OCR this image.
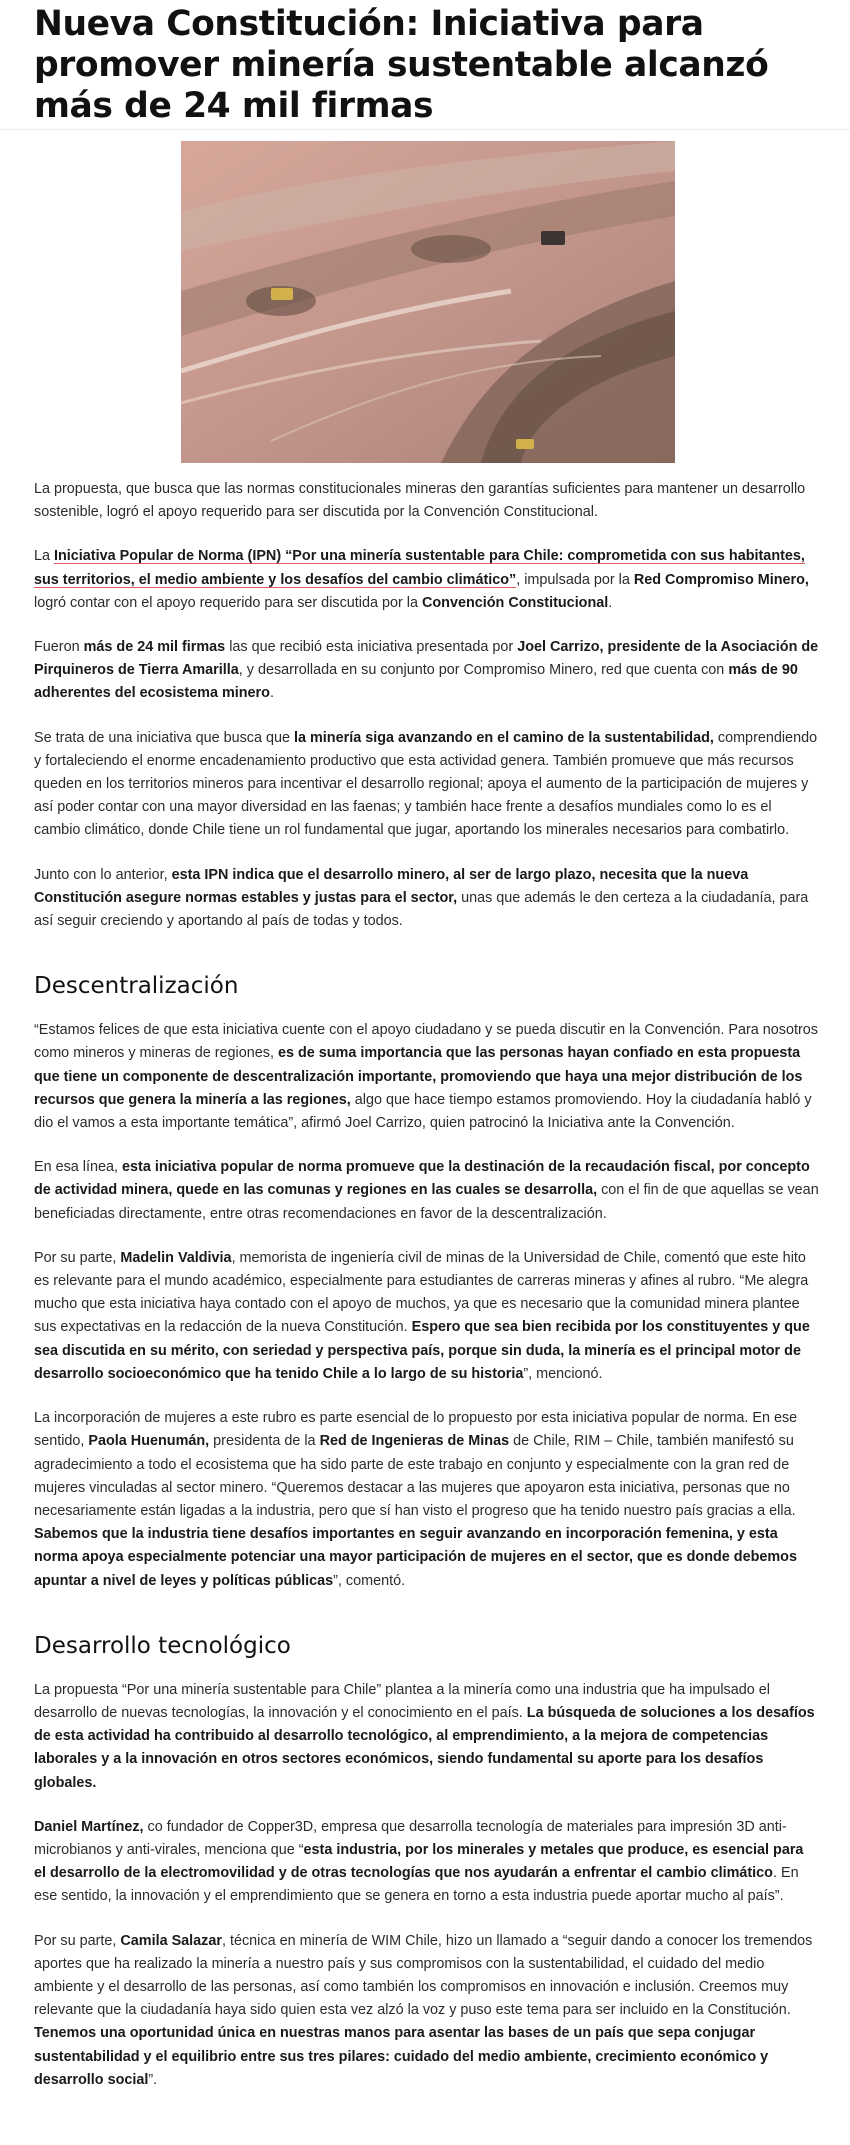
Nueva Constitución: Iniciativa para promover minería sustentable alcanzó más de 24 mil firmas

La propuesta, que busca que las normas constitucionales mineras den garantías suficientes para mantener un desarrollo sostenible, logró el apoyo requerido para ser discutida por la Convención Constitucional.

La Iniciativa Popular de Norma (IPN) “Por una minería sustentable para Chile: comprometida con sus habitantes, sus territorios, el medio ambiente y los desafíos del cambio climático”, impulsada por la Red Compromiso Minero, logró contar con el apoyo requerido para ser discutida por la Convención Constitucional.

Fueron más de 24 mil firmas las que recibió esta iniciativa presentada por Joel Carrizo, presidente de la Asociación de Pirquineros de Tierra Amarilla, y desarrollada en su conjunto por Compromiso Minero, red que cuenta con más de 90 adherentes del ecosistema minero.

Se trata de una iniciativa que busca que la minería siga avanzando en el camino de la sustentabilidad, comprendiendo y fortaleciendo el enorme encadenamiento productivo que esta actividad genera. También promueve que más recursos queden en los territorios mineros para incentivar el desarrollo regional; apoya el aumento de la participación de mujeres y así poder contar con una mayor diversidad en las faenas; y también hace frente a desafíos mundiales como lo es el cambio climático, donde Chile tiene un rol fundamental que jugar, aportando los minerales necesarios para combatirlo.

Junto con lo anterior, esta IPN indica que el desarrollo minero, al ser de largo plazo, necesita que la nueva Constitución asegure normas estables y justas para el sector, unas que además le den certeza a la ciudadanía, para así seguir creciendo y aportando al país de todas y todos.

Descentralización

“Estamos felices de que esta iniciativa cuente con el apoyo ciudadano y se pueda discutir en la Convención. Para nosotros como mineros y mineras de regiones, es de suma importancia que las personas hayan confiado en esta propuesta que tiene un componente de descentralización importante, promoviendo que haya una mejor distribución de los recursos que genera la minería a las regiones, algo que hace tiempo estamos promoviendo. Hoy la ciudadanía habló y dio el vamos a esta importante temática”, afirmó Joel Carrizo, quien patrocinó la Iniciativa ante la Convención.

En esa línea, esta iniciativa popular de norma promueve que la destinación de la recaudación fiscal, por concepto de actividad minera, quede en las comunas y regiones en las cuales se desarrolla, con el fin de que aquellas se vean beneficiadas directamente, entre otras recomendaciones en favor de la descentralización.

Por su parte, Madelin Valdivia, memorista de ingeniería civil de minas de la Universidad de Chile, comentó que este hito es relevante para el mundo académico, especialmente para estudiantes de carreras mineras y afines al rubro. “Me alegra mucho que esta iniciativa haya contado con el apoyo de muchos, ya que es necesario que la comunidad minera plantee sus expectativas en la redacción de la nueva Constitución. Espero que sea bien recibida por los constituyentes y que sea discutida en su mérito, con seriedad y perspectiva país, porque sin duda, la minería es el principal motor de desarrollo socioeconómico que ha tenido Chile a lo largo de su historia”, mencionó.

La incorporación de mujeres a este rubro es parte esencial de lo propuesto por esta iniciativa popular de norma. En ese sentido, Paola Huenumán, presidenta de la Red de Ingenieras de Minas de Chile, RIM – Chile, también manifestó su agradecimiento a todo el ecosistema que ha sido parte de este trabajo en conjunto y especialmente con la gran red de mujeres vinculadas al sector minero. “Queremos destacar a las mujeres que apoyaron esta iniciativa, personas que no necesariamente están ligadas a la industria, pero que sí han visto el progreso que ha tenido nuestro país gracias a ella. Sabemos que la industria tiene desafíos importantes en seguir avanzando en incorporación femenina, y esta norma apoya especialmente potenciar una mayor participación de mujeres en el sector, que es donde debemos apuntar a nivel de leyes y políticas públicas”, comentó.

Desarrollo tecnológico

La propuesta “Por una minería sustentable para Chile” plantea a la minería como una industria que ha impulsado el desarrollo de nuevas tecnologías, la innovación y el conocimiento en el país. La búsqueda de soluciones a los desafíos de esta actividad ha contribuido al desarrollo tecnológico, al emprendimiento, a la mejora de competencias laborales y a la innovación en otros sectores económicos, siendo fundamental su aporte para los desafíos globales.

Daniel Martínez, co fundador de Copper3D, empresa que desarrolla tecnología de materiales para impresión 3D anti-microbianos y anti-virales, menciona que “esta industria, por los minerales y metales que produce, es esencial para el desarrollo de la electromovilidad y de otras tecnologías que nos ayudarán a enfrentar el cambio climático. En ese sentido, la innovación y el emprendimiento que se genera en torno a esta industria puede aportar mucho al país”.

Por su parte, Camila Salazar, técnica en minería de WIM Chile, hizo un llamado a “seguir dando a conocer los tremendos aportes que ha realizado la minería a nuestro país y sus compromisos con la sustentabilidad, el cuidado del medio ambiente y el desarrollo de las personas, así como también los compromisos en innovación e inclusión. Creemos muy relevante que la ciudadanía haya sido quien esta vez alzó la voz y puso este tema para ser incluido en la Constitución. Tenemos una oportunidad única en nuestras manos para asentar las bases de un país que sepa conjugar sustentabilidad y el equilibrio entre sus tres pilares: cuidado del medio ambiente, crecimiento económico y desarrollo social”.
